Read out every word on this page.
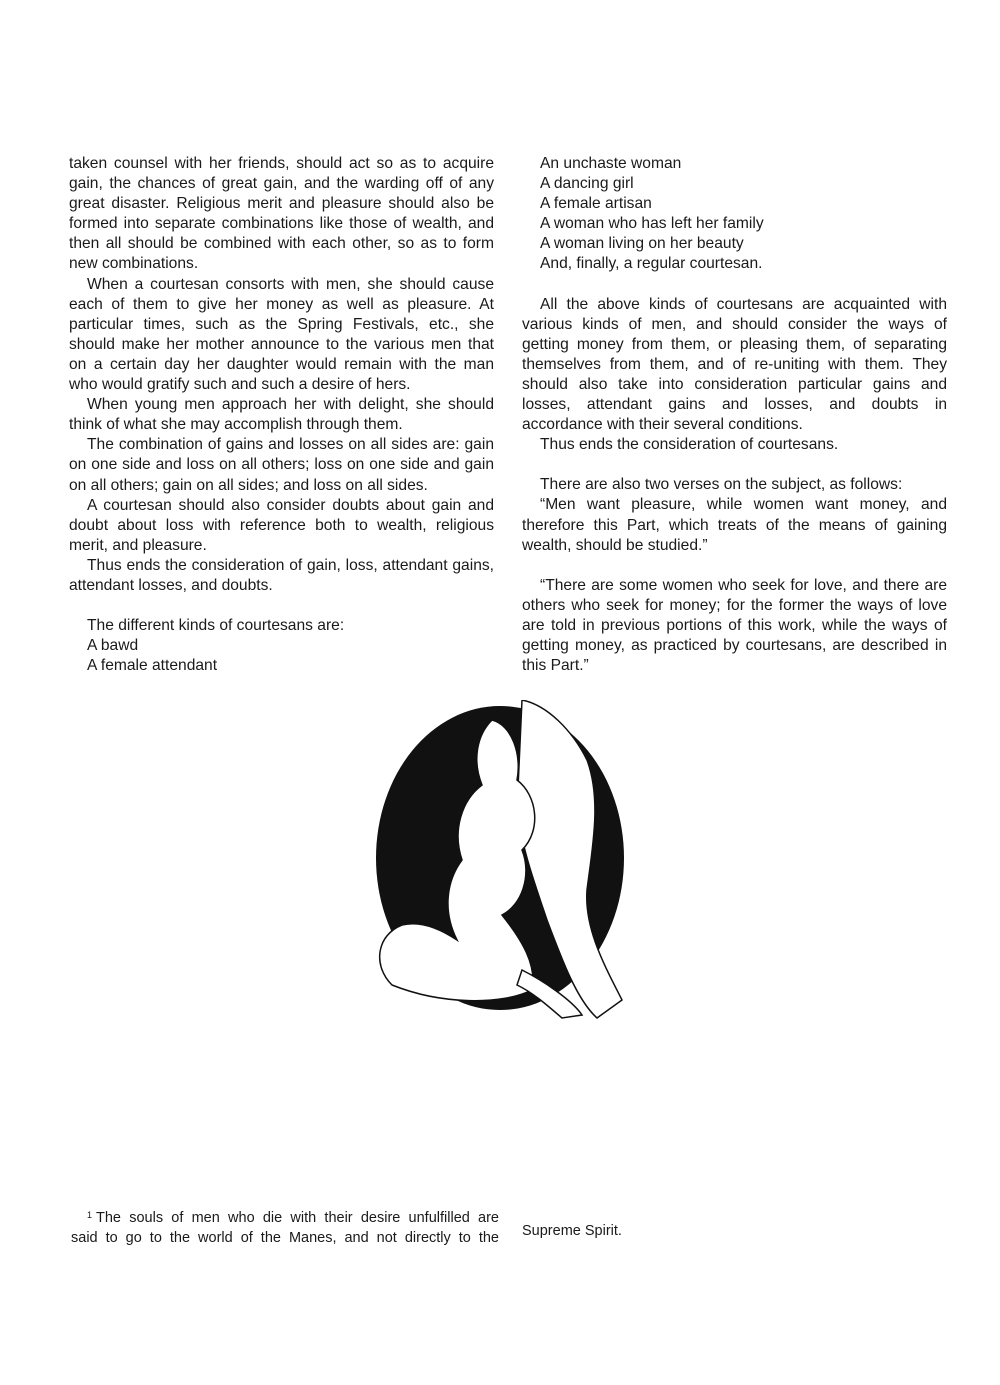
taken counsel with her friends, should act so as to acquire gain, the chances of great gain, and the warding off of any great disaster. Religious merit and pleasure should also be formed into separate combinations like those of wealth, and then all should be combined with each other, so as to form new combinations.

When a courtesan consorts with men, she should cause each of them to give her money as well as pleasure. At particular times, such as the Spring Festivals, etc., she should make her mother announce to the various men that on a certain day her daughter would remain with the man who would gratify such and such a desire of hers.

When young men approach her with delight, she should think of what she may accomplish through them.

The combination of gains and losses on all sides are: gain on one side and loss on all others; loss on one side and gain on all others; gain on all sides; and loss on all sides.

A courtesan should also consider doubts about gain and doubt about loss with reference both to wealth, religious merit, and pleasure.

Thus ends the consideration of gain, loss, attendant gains, attendant losses, and doubts.

The different kinds of courtesans are:

A bawd

A female attendant

An unchaste woman

A dancing girl

A female artisan

A woman who has left her family

A woman living on her beauty

And, finally, a regular courtesan.

All the above kinds of courtesans are acquainted with various kinds of men, and should consider the ways of getting money from them, or pleasing them, of separating themselves from them, and of re-uniting with them. They should also take into consideration particular gains and losses, attendant gains and losses, and doubts in accordance with their several conditions.

Thus ends the consideration of courtesans.

There are also two verses on the subject, as follows:

“Men want pleasure, while women want money, and therefore this Part, which treats of the means of gaining wealth, should be studied.”

“There are some women who seek for love, and there are others who seek for money; for the former the ways of love are told in previous portions of this work, while the ways of getting money, as practiced by courtesans, are described in this Part.”

$^1$ The souls of men who die with their desire unfulfilled are
said to go to the world of the Manes, and not directly to the Supreme Spirit.
